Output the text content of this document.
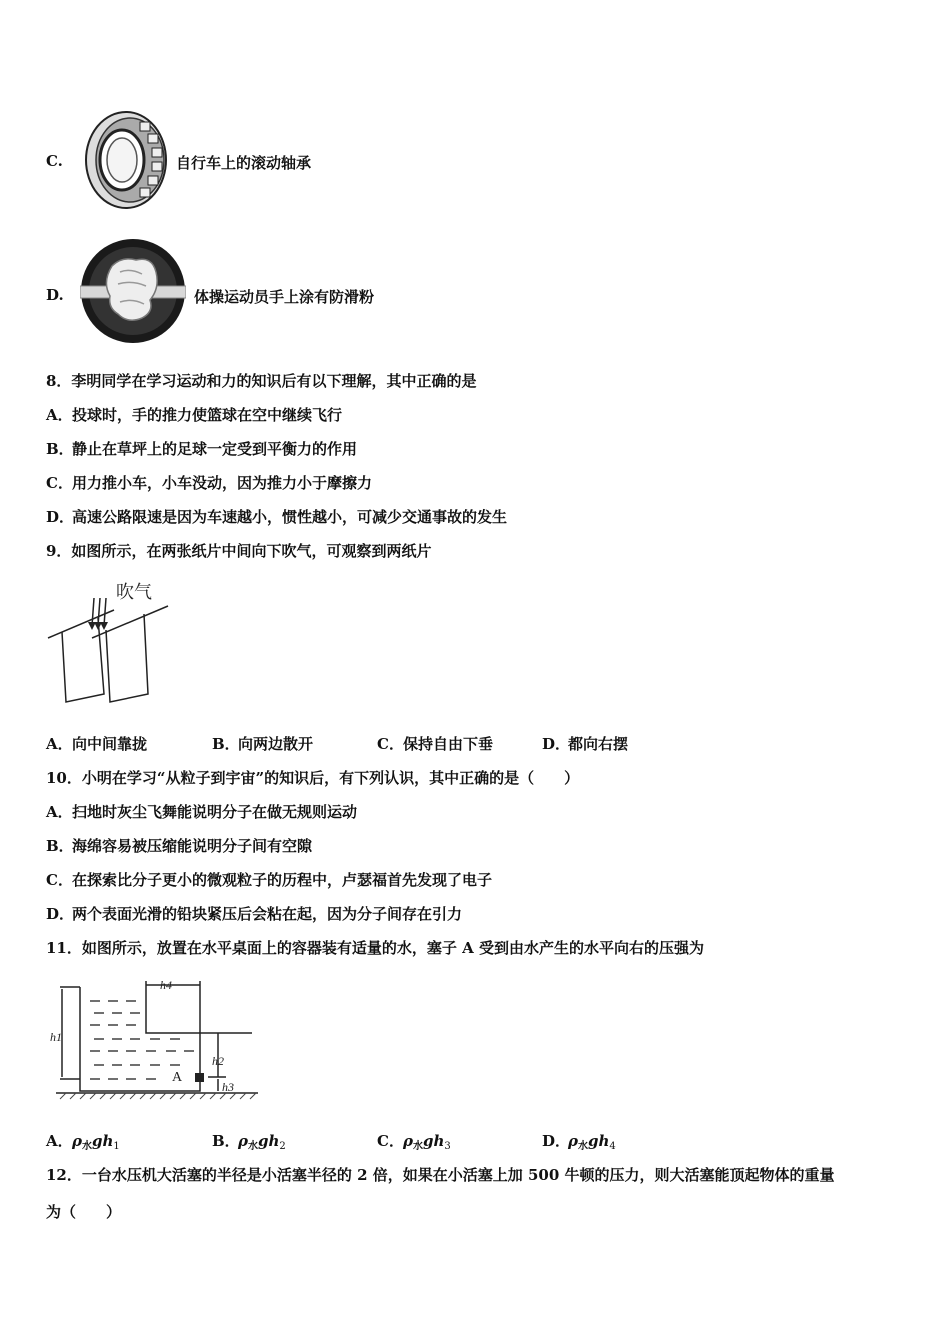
C.	自行车上的滚动轴承
D.	体操运动员手上涂有防滑粉
8．李明同学在学习运动和力的知识后有以下理解，其中正确的是
A．投球时，手的推力使篮球在空中继续飞行
B．静止在草坪上的足球一定受到平衡力的作用
C．用力推小车，小车没动，因为推力小于摩擦力
D．高速公路限速是因为车速越小，惯性越小，可减少交通事故的发生
9．如图所示，在两张纸片中间向下吹气，可观察到两纸片
吹气
A．向中间靠拢	B．向两边散开	C．保持自由下垂	D．都向右摆
10．小明在学习“从粒子到宇宙”的知识后，有下列认识，其中正确的是（　　）
A．扫地时灰尘飞舞能说明分子在做无规则运动
B．海绵容易被压缩能说明分子间有空隙
C．在探索比分子更小的微观粒子的历程中，卢瑟福首先发现了电子
D．两个表面光滑的铅块紧压后会粘在起，因为分子间存在引力
11．如图所示，放置在水平桌面上的容器装有适量的水，塞子 A 受到由水产生的水平向右的压强为
h1
h4
h2
h3
A
A．$\rho_水gh_1$	B．$\rho_水gh_2$	C．$\rho_水gh_3$	D．$\rho_水gh_4$
12．一台水压机大活塞的半径是小活塞半径的 2 倍，如果在小活塞上加 500 牛顿的压力，则大活塞能顶起物体的重量
为（　　）
